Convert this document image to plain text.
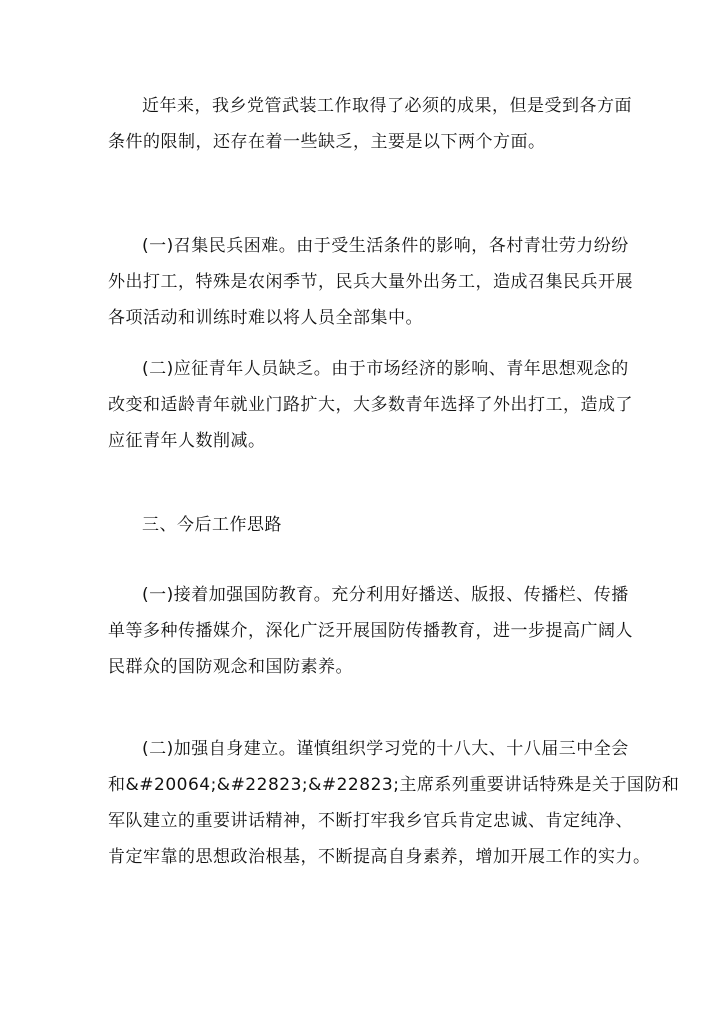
近年来，我乡党管武装工作取得了必须的成果，但是受到各方面
条件的限制，还存在着一些缺乏，主要是以下两个方面。

(一)召集民兵困难。由于受生活条件的影响，各村青壮劳力纷纷
外出打工，特殊是农闲季节，民兵大量外出务工，造成召集民兵开展
各项活动和训练时难以将人员全部集中。

(二)应征青年人员缺乏。由于市场经济的影响、青年思想观念的
改变和适龄青年就业门路扩大，大多数青年选择了外出打工，造成了
应征青年人数削减。

三、今后工作思路

(一)接着加强国防教育。充分利用好播送、版报、传播栏、传播
单等多种传播媒介，深化广泛开展国防传播教育，进一步提高广阔人
民群众的国防观念和国防素养。

(二)加强自身建立。谨慎组织学习党的十八大、十八届三中全会
和&#20064;&#22823;&#22823;主席系列重要讲话特殊是关于国防和
军队建立的重要讲话精神，不断打牢我乡官兵肯定忠诚、肯定纯净、
肯定牢靠的思想政治根基，不断提高自身素养，增加开展工作的实力。
